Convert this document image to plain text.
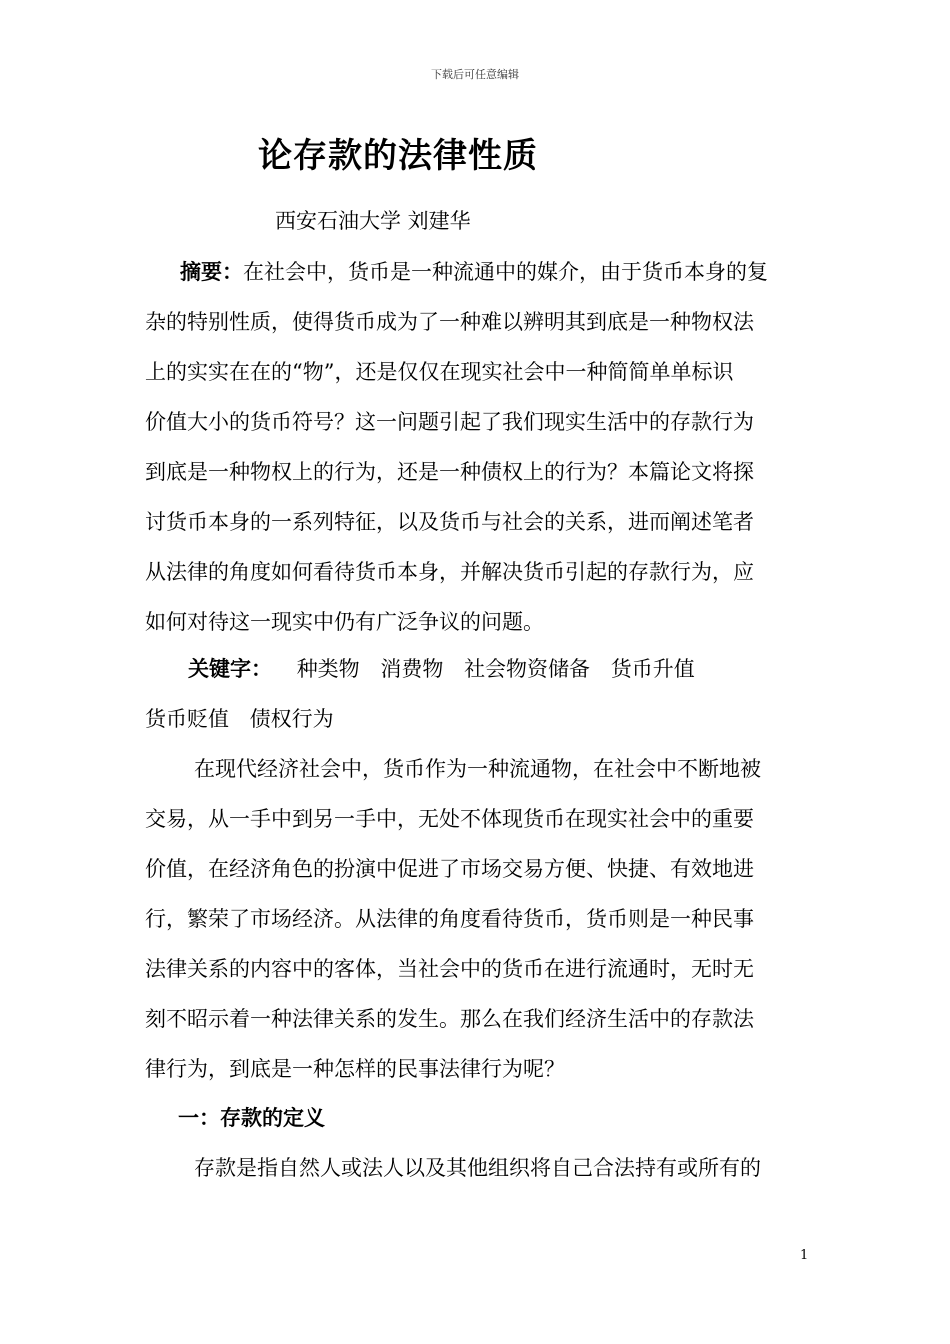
下载后可任意编辑
论存款的法律性质
西安石油大学 刘建华
摘要：在社会中，货币是一种流通中的媒介，由于货币本身的复
杂的特别性质，使得货币成为了一种难以辨明其到底是一种物权法
上的实实在在的“物”，还是仅仅在现实社会中一种简简单单标识
价值大小的货币符号？这一问题引起了我们现实生活中的存款行为
到底是一种物权上的行为，还是一种债权上的行为？本篇论文将探
讨货币本身的一系列特征，以及货币与社会的关系，进而阐述笔者
从法律的角度如何看待货币本身，并解决货币引起的存款行为，应
如何对待这一现实中仍有广泛争议的问题。
关键字： 种类物 消费物 社会物资储备 货币升值
货币贬值 债权行为
在现代经济社会中，货币作为一种流通物，在社会中不断地被
交易，从一手中到另一手中，无处不体现货币在现实社会中的重要
价值，在经济角色的扮演中促进了市场交易方便、快捷、有效地进
行，繁荣了市场经济。从法律的角度看待货币，货币则是一种民事
法律关系的内容中的客体，当社会中的货币在进行流通时，无时无
刻不昭示着一种法律关系的发生。那么在我们经济生活中的存款法
律行为，到底是一种怎样的民事法律行为呢？
一：存款的定义
存款是指自然人或法人以及其他组织将自己合法持有或所有的
1
